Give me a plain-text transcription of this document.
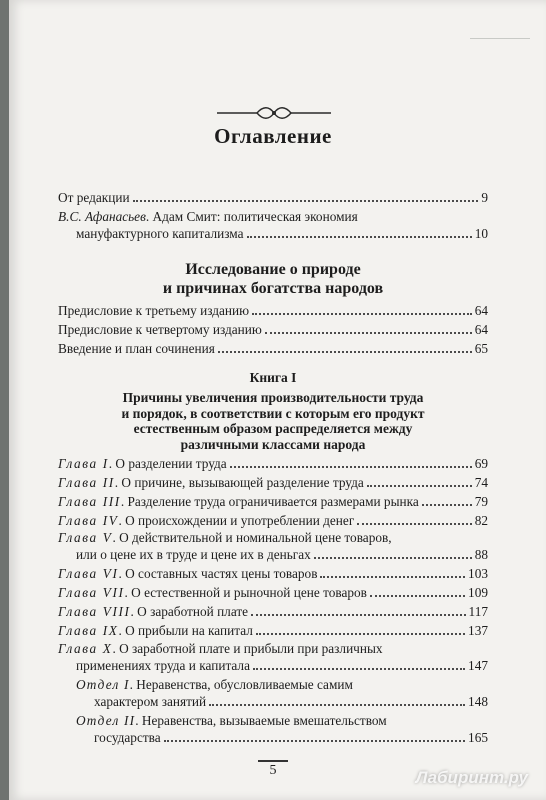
Оглавление
От редакции	9
В.С. Афанасьев. Адам Смит: политическая экономия
мануфактурного капитализма	10
Исследование о природе
и причинах богатства народов
Предисловие к третьему изданию	64
Предисловие к четвертому изданию	64
Введение и план сочинения	65
Книга I
Причины увеличения производительности труда
и порядок, в соответствии с которым его продукт
естественным образом распределяется между
различными классами народа
Глава I. О разделении труда	69
Глава II. О причине, вызывающей разделение труда	74
Глава III. Разделение труда ограничивается размерами рынка	79
Глава IV. О происхождении и употреблении денег	82
Глава V. О действительной и номинальной цене товаров,
или о цене их в труде и цене их в деньгах	88
Глава VI. О составных частях цены товаров	103
Глава VII. О естественной и рыночной цене товаров	109
Глава VIII. О заработной плате	117
Глава IX. О прибыли на капитал	137
Глава X. О заработной плате и прибыли при различных
применениях труда и капитала	147
Отдел I. Неравенства, обусловливаемые самим
характером занятий	148
Отдел II. Неравенства, вызываемые вмешательством
государства	165
5	Лабиринт.ру
